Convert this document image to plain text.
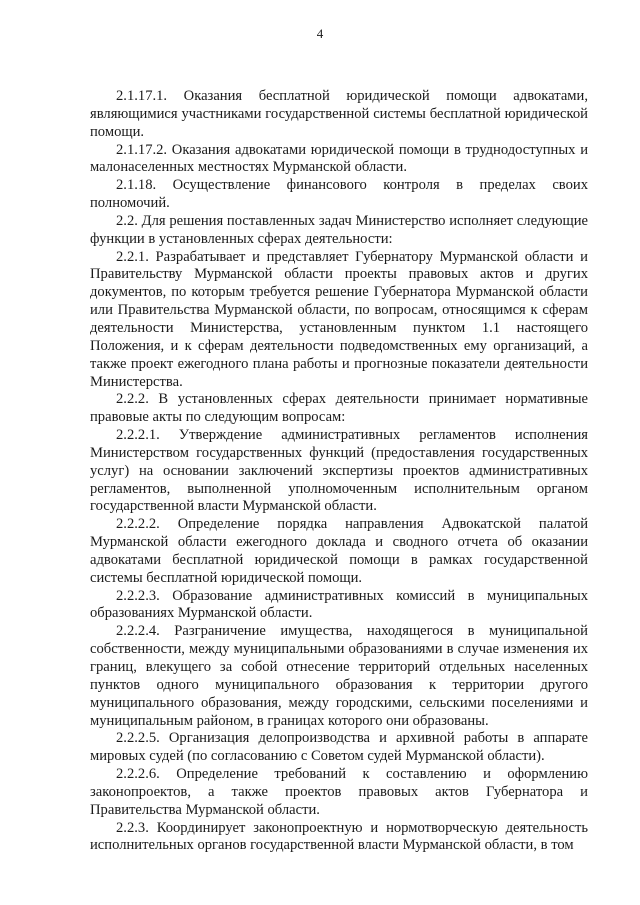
4

2.1.17.1. Оказания бесплатной юридической помощи адвокатами, являющимися участниками государственной системы бесплатной юридической помощи.

2.1.17.2. Оказания адвокатами юридической помощи в труднодоступных и малонаселенных местностях Мурманской области.

2.1.18. Осуществление финансового контроля в пределах своих полномочий.

2.2. Для решения поставленных задач Министерство исполняет следующие функции в установленных сферах деятельности:

2.2.1. Разрабатывает и представляет Губернатору Мурманской области и Правительству Мурманской области проекты правовых актов и других документов, по которым требуется решение Губернатора Мурманской области или Правительства Мурманской области, по вопросам, относящимся к сферам деятельности Министерства, установленным пунктом 1.1 настоящего Положения, и к сферам деятельности подведомственных ему организаций, а также проект ежегодного плана работы и прогнозные показатели деятельности Министерства.

2.2.2. В установленных сферах деятельности принимает нормативные правовые акты по следующим вопросам:

2.2.2.1. Утверждение административных регламентов исполнения Министерством государственных функций (предоставления государственных услуг) на основании заключений экспертизы проектов административных регламентов, выполненной уполномоченным исполнительным органом государственной власти Мурманской области.

2.2.2.2. Определение порядка направления Адвокатской палатой Мурманской области ежегодного доклада и сводного отчета об оказании адвокатами бесплатной юридической помощи в рамках государственной системы бесплатной юридической помощи.

2.2.2.3. Образование административных комиссий в муниципальных образованиях Мурманской области.

2.2.2.4. Разграничение имущества, находящегося в муниципальной собственности, между муниципальными образованиями в случае изменения их границ, влекущего за собой отнесение территорий отдельных населенных пунктов одного муниципального образования к территории другого муниципального образования, между городскими, сельскими поселениями и муниципальным районом, в границах которого они образованы.

2.2.2.5. Организация делопроизводства и архивной работы в аппарате мировых судей (по согласованию с Советом судей Мурманской области).

2.2.2.6. Определение требований к составлению и оформлению законопроектов, а также проектов правовых актов Губернатора и Правительства Мурманской области.

2.2.3. Координирует законопроектную и нормотворческую деятельность исполнительных органов государственной власти Мурманской области, в том
